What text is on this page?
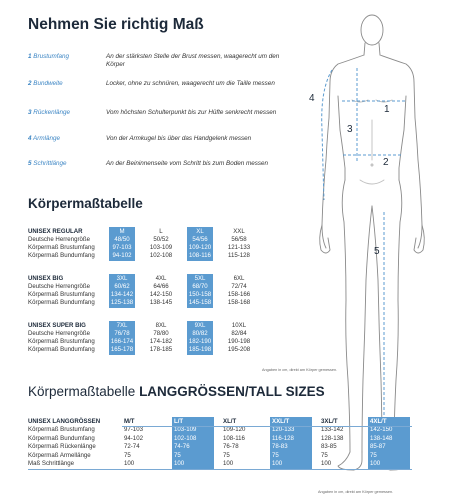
Nehmen Sie richtig Maß
Körpermaßtabelle
Körpermaßtabelle LANGGRÖSSEN/TALL SIZES
1 Brustumfang	An der stärksten Stelle der Brust messen, waagerecht um den Körper
2 Bundweite	Locker, ohne zu schnüren, waagerecht um die Taille messen
3 Rückenlänge	Vom höchsten Schulterpunkt bis zur Hüfte senkrecht messen
4 Armlänge	Von der Armkugel bis über das Handgelenk messen
5 Schrittlänge	An der Beininnenseite vom Schritt bis zum Boden messen
1
2
3
4
5
UNISEX REGULAR	M	L	XL	XXL
Deutsche Herrengröße	48/50	50/52	54/56	56/58
Körpermaß Brustumfang	97-103	103-109	109-120	121-133
Körpermaß Bundumfang	94-102	102-108	108-116	115-128
UNISEX BIG	3XL	4XL	5XL	6XL
Deutsche Herrengröße	60/62	64/66	68/70	72/74
Körpermaß Brustumfang	134-142	142-150	150-158	158-166
Körpermaß Bundumfang	125-138	138-145	145-158	158-168
UNISEX SUPER BIG	7XL	8XL	9XL	10XL
Deutsche Herrengröße	76/78	78/80	80/82	82/84
Körpermaß Brustumfang	166-174	174-182	182-190	190-198
Körpermaß Bundumfang	165-178	178-185	185-198	195-208
Angaben in cm, direkt am Körper gemessen.
UNISEX LANGGRÖSSEN	M/T	L/T	XL/T	XXL/T	3XL/T	4XL/T
Körpermaß Brustumfang	97-103	103-109	109-120	120-133	133-142	142-150
Körpermaß Bundumfang	94-102	102-108	108-116	116-128	128-138	138-148
Körpermaß Rückenlänge	72-74	74-76	76-78	78-83	83-85	85-87
Körpermaß Armellänge	75	75	75	75	75	75
Maß Schrittlänge	100	100	100	100	100	100
Angaben in cm, direkt am Körper gemessen.
